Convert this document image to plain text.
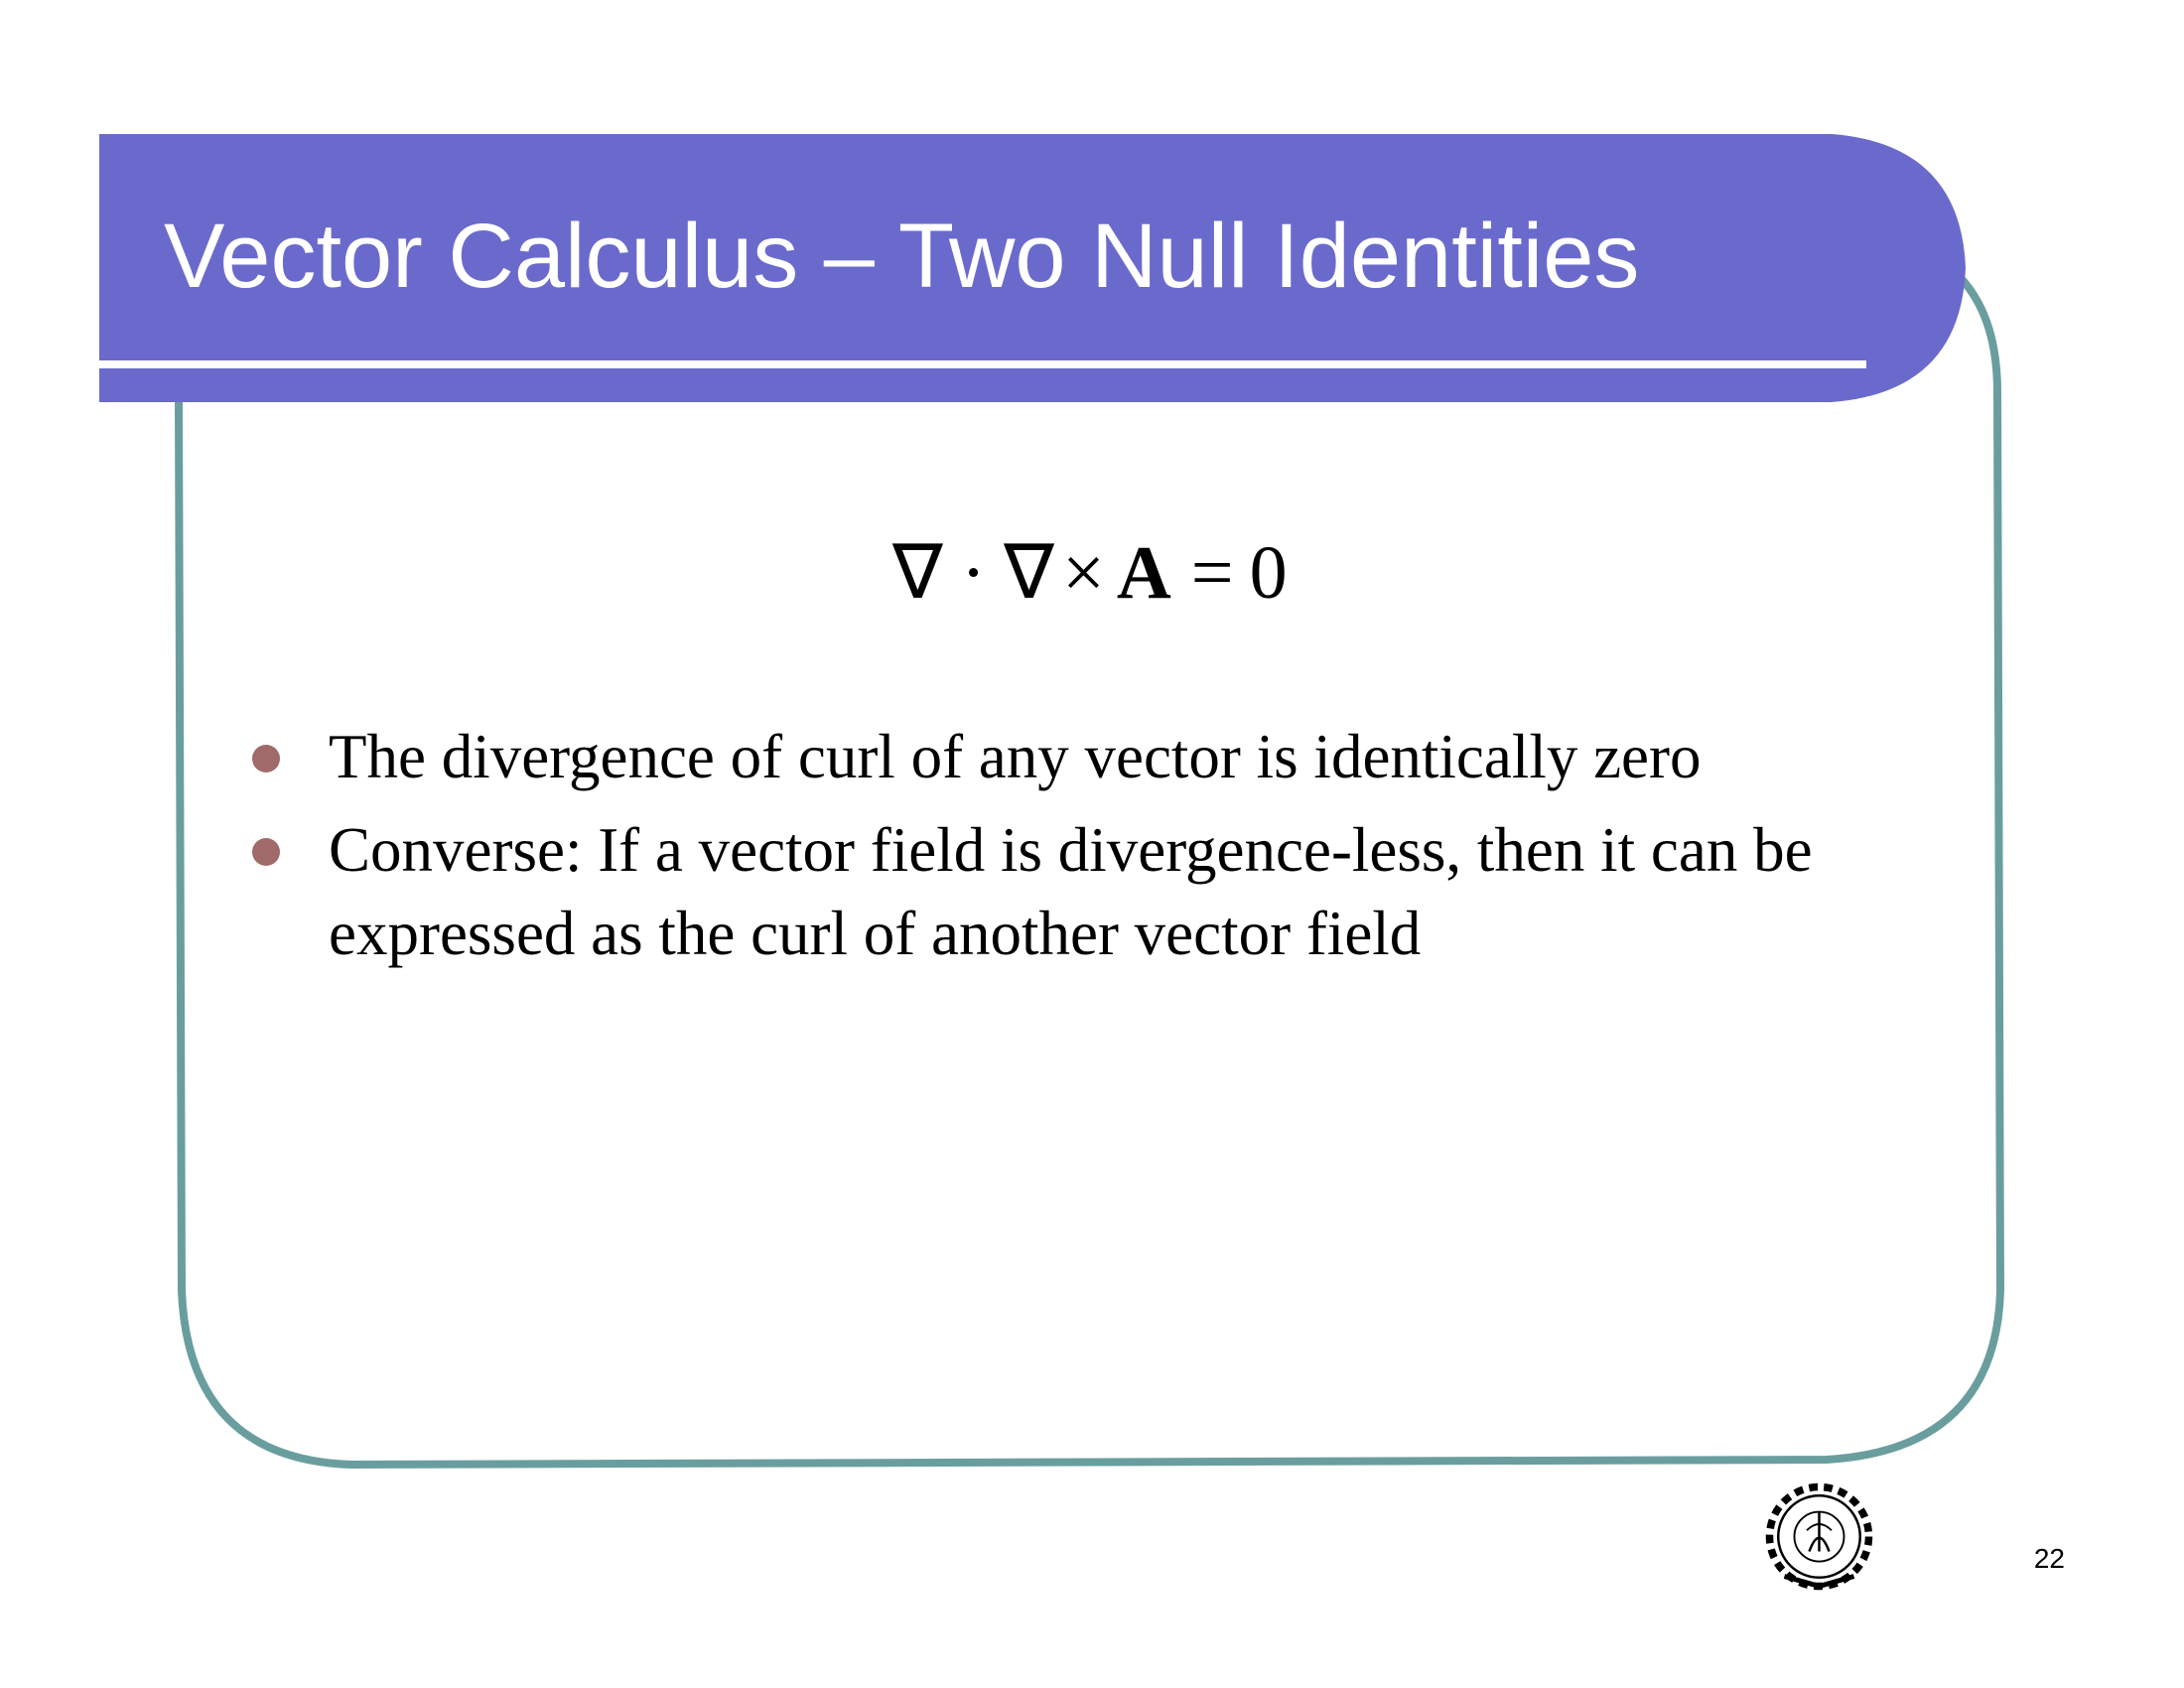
Vector Calculus – Two Null Identities
∇ · ∇ × A = 0
The divergence of curl of any vector is identically zero
Converse: If a vector field is divergence-less, then it can be expressed as the curl of another vector field
22
